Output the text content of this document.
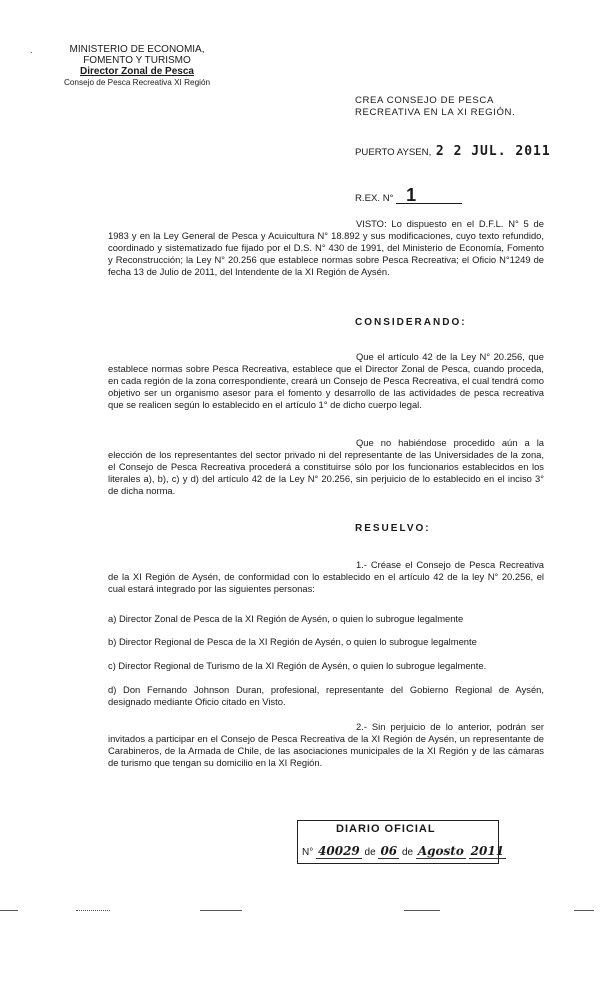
.	MINISTERIO DE ECONOMIA,
FOMENTO Y TURISMO
Director Zonal de Pesca
Consejo de Pesca Recreativa XI Región
CREA CONSEJO DE PESCA
RECREATIVA EN LA XI REGIÓN.
PUERTO AYSEN, 2 2 JUL. 2011
R.EX. N° 1
VISTO: Lo dispuesto en el D.F.L. N° 5 de 1983 y en la Ley General de Pesca y Acuicultura N° 18.892 y sus modificaciones, cuyo texto refundido, coordinado y sistematizado fue fijado por el D.S. N° 430 de 1991, del Ministerio de Economía, Fomento y Reconstrucción; la Ley N° 20.256 que establece normas sobre Pesca Recreativa; el Oficio N°1249 de fecha 13 de Julio de 2011, del Intendente de la XI Región de Aysén.
CONSIDERANDO:
Que el artículo 42 de la Ley N° 20.256, que establece normas sobre Pesca Recreativa, establece que el Director Zonal de Pesca, cuando proceda, en cada región de la zona correspondiente, creará un Consejo de Pesca Recreativa, el cual tendrá como objetivo ser un organismo asesor para el fomento y desarrollo de las actividades de pesca recreativa que se realicen según lo establecido en el artículo 1° de dicho cuerpo legal.
Que no habiéndose procedido aún a la elección de los representantes del sector privado ni del representante de las Universidades de la zona, el Consejo de Pesca Recreativa procederá a constituirse sólo por los funcionarios establecidos en los literales a), b), c) y d) del artículo 42 de la Ley N° 20.256, sin perjuicio de lo establecido en el inciso 3° de dicha norma.
RESUELVO:
1.- Créase el Consejo de Pesca Recreativa de la XI Región de Aysén, de conformidad con lo establecido en el artículo 42 de la ley N° 20.256, el cual estará integrado por las siguientes personas:
a) Director Zonal de Pesca de la XI Región de Aysén, o quien lo subrogue legalmente
b) Director Regional de Pesca de la XI Región de Aysén, o quien lo subrogue legalmente
c) Director Regional de Turismo de la XI Región de Aysén, o quien lo subrogue legalmente.
d) Don Fernando Johnson Duran, profesional, representante del Gobierno Regional de Aysén, designado mediante Oficio citado en Visto.
2.- Sin perjuicio de lo anterior, podrán ser invitados a participar en el Consejo de Pesca Recreativa de la XI Región de Aysén, un representante de Carabineros, de la Armada de Chile, de las asociaciones municipales de la XI Región y de las cámaras de turismo que tengan su domicilio en la XI Región.
DIARIO OFICIAL
N° 40029 de 06 de Agosto 2011
